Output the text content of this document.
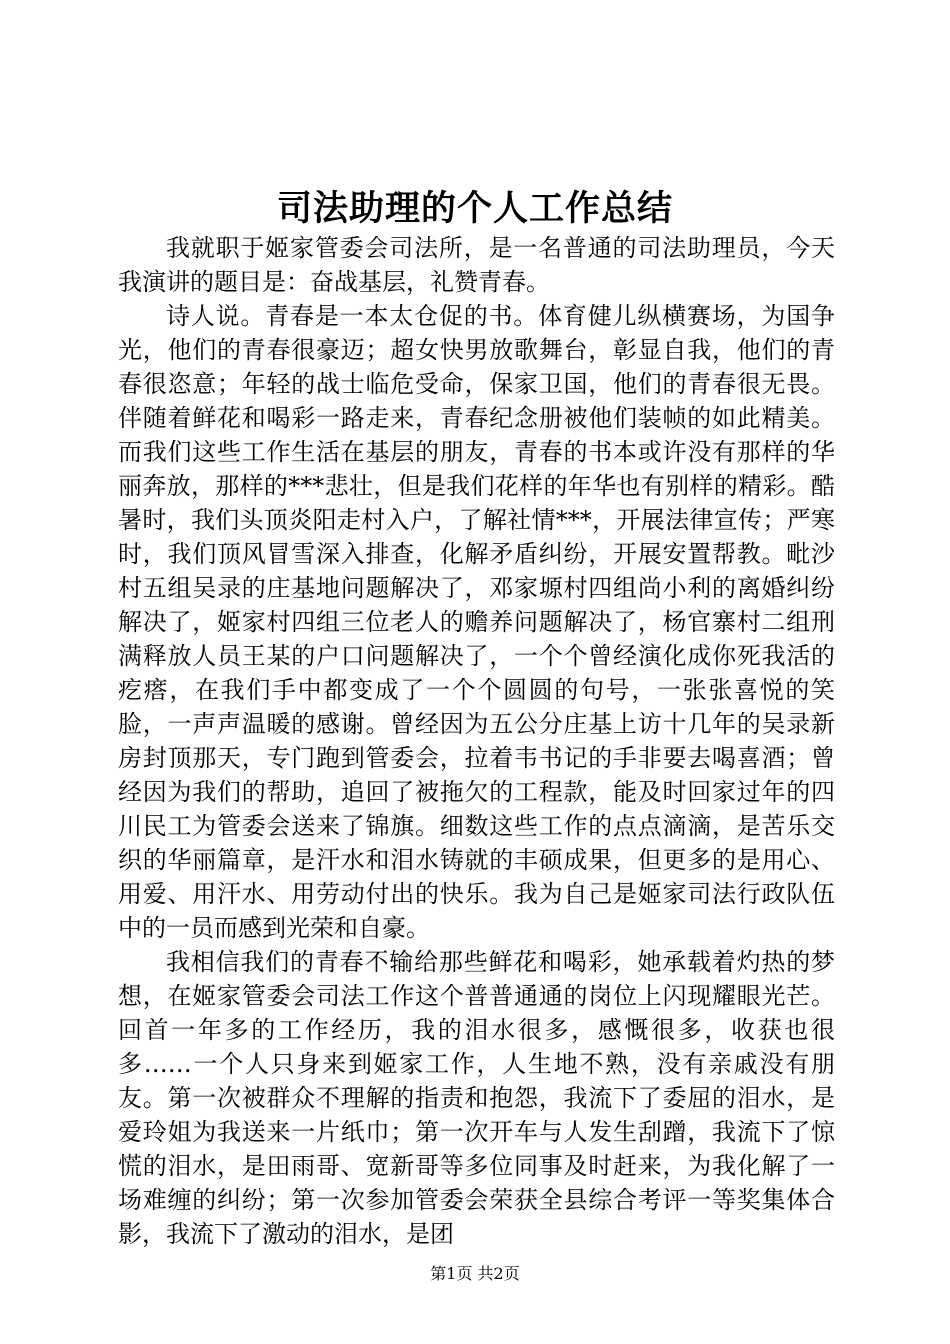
司法助理的个人工作总结

我就职于姬家管委会司法所，是一名普通的司法助理员，今天我演讲的题目是：奋战基层，礼赞青春。

诗人说。青春是一本太仓促的书。体育健儿纵横赛场，为国争光，他们的青春很豪迈；超女快男放歌舞台，彰显自我，他们的青春很恣意；年轻的战士临危受命，保家卫国，他们的青春很无畏。伴随着鲜花和喝彩一路走来，青春纪念册被他们装帧的如此精美。而我们这些工作生活在基层的朋友，青春的书本或许没有那样的华丽奔放，那样的***悲壮，但是我们花样的年华也有别样的精彩。酷暑时，我们头顶炎阳走村入户，了解社情***，开展法律宣传；严寒时，我们顶风冒雪深入排查，化解矛盾纠纷，开展安置帮教。毗沙村五组吴录的庄基地问题解决了，邓家塬村四组尚小利的离婚纠纷解决了，姬家村四组三位老人的赡养问题解决了，杨官寨村二组刑满释放人员王某的户口问题解决了，一个个曾经演化成你死我活的疙瘩，在我们手中都变成了一个个圆圆的句号，一张张喜悦的笑脸，一声声温暖的感谢。曾经因为五公分庄基上访十几年的吴录新房封顶那天，专门跑到管委会，拉着韦书记的手非要去喝喜酒；曾经因为我们的帮助，追回了被拖欠的工程款，能及时回家过年的四川民工为管委会送来了锦旗。细数这些工作的点点滴滴，是苦乐交织的华丽篇章，是汗水和泪水铸就的丰硕成果，但更多的是用心、用爱、用汗水、用劳动付出的快乐。我为自己是姬家司法行政队伍中的一员而感到光荣和自豪。

我相信我们的青春不输给那些鲜花和喝彩，她承载着灼热的梦想，在姬家管委会司法工作这个普普通通的岗位上闪现耀眼光芒。回首一年多的工作经历，我的泪水很多，感慨很多，收获也很多……一个人只身来到姬家工作，人生地不熟，没有亲戚没有朋友。第一次被群众不理解的指责和抱怨，我流下了委屈的泪水，是爱玲姐为我送来一片纸巾；第一次开车与人发生刮蹭，我流下了惊慌的泪水，是田雨哥、宽新哥等多位同事及时赶来，为我化解了一场难缠的纠纷；第一次参加管委会荣获全县综合考评一等奖集体合影，我流下了激动的泪水，是团

第1页 共2页
